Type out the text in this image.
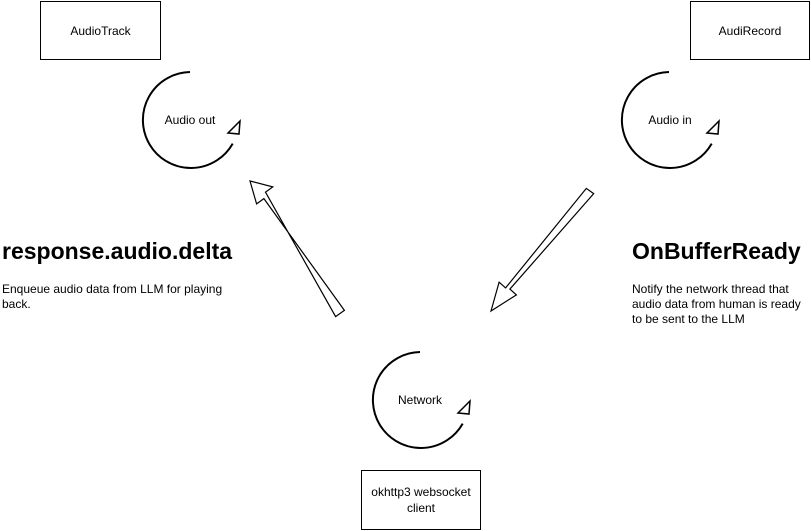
AudioTrack	AudiRecord
okhttp3 websocket client
Audio out	Audio in
Network
response.audio.delta
Enqueue audio data from LLM for playing back.
OnBufferReady
Notify the network thread that audio data from human is ready to be sent to the LLM
